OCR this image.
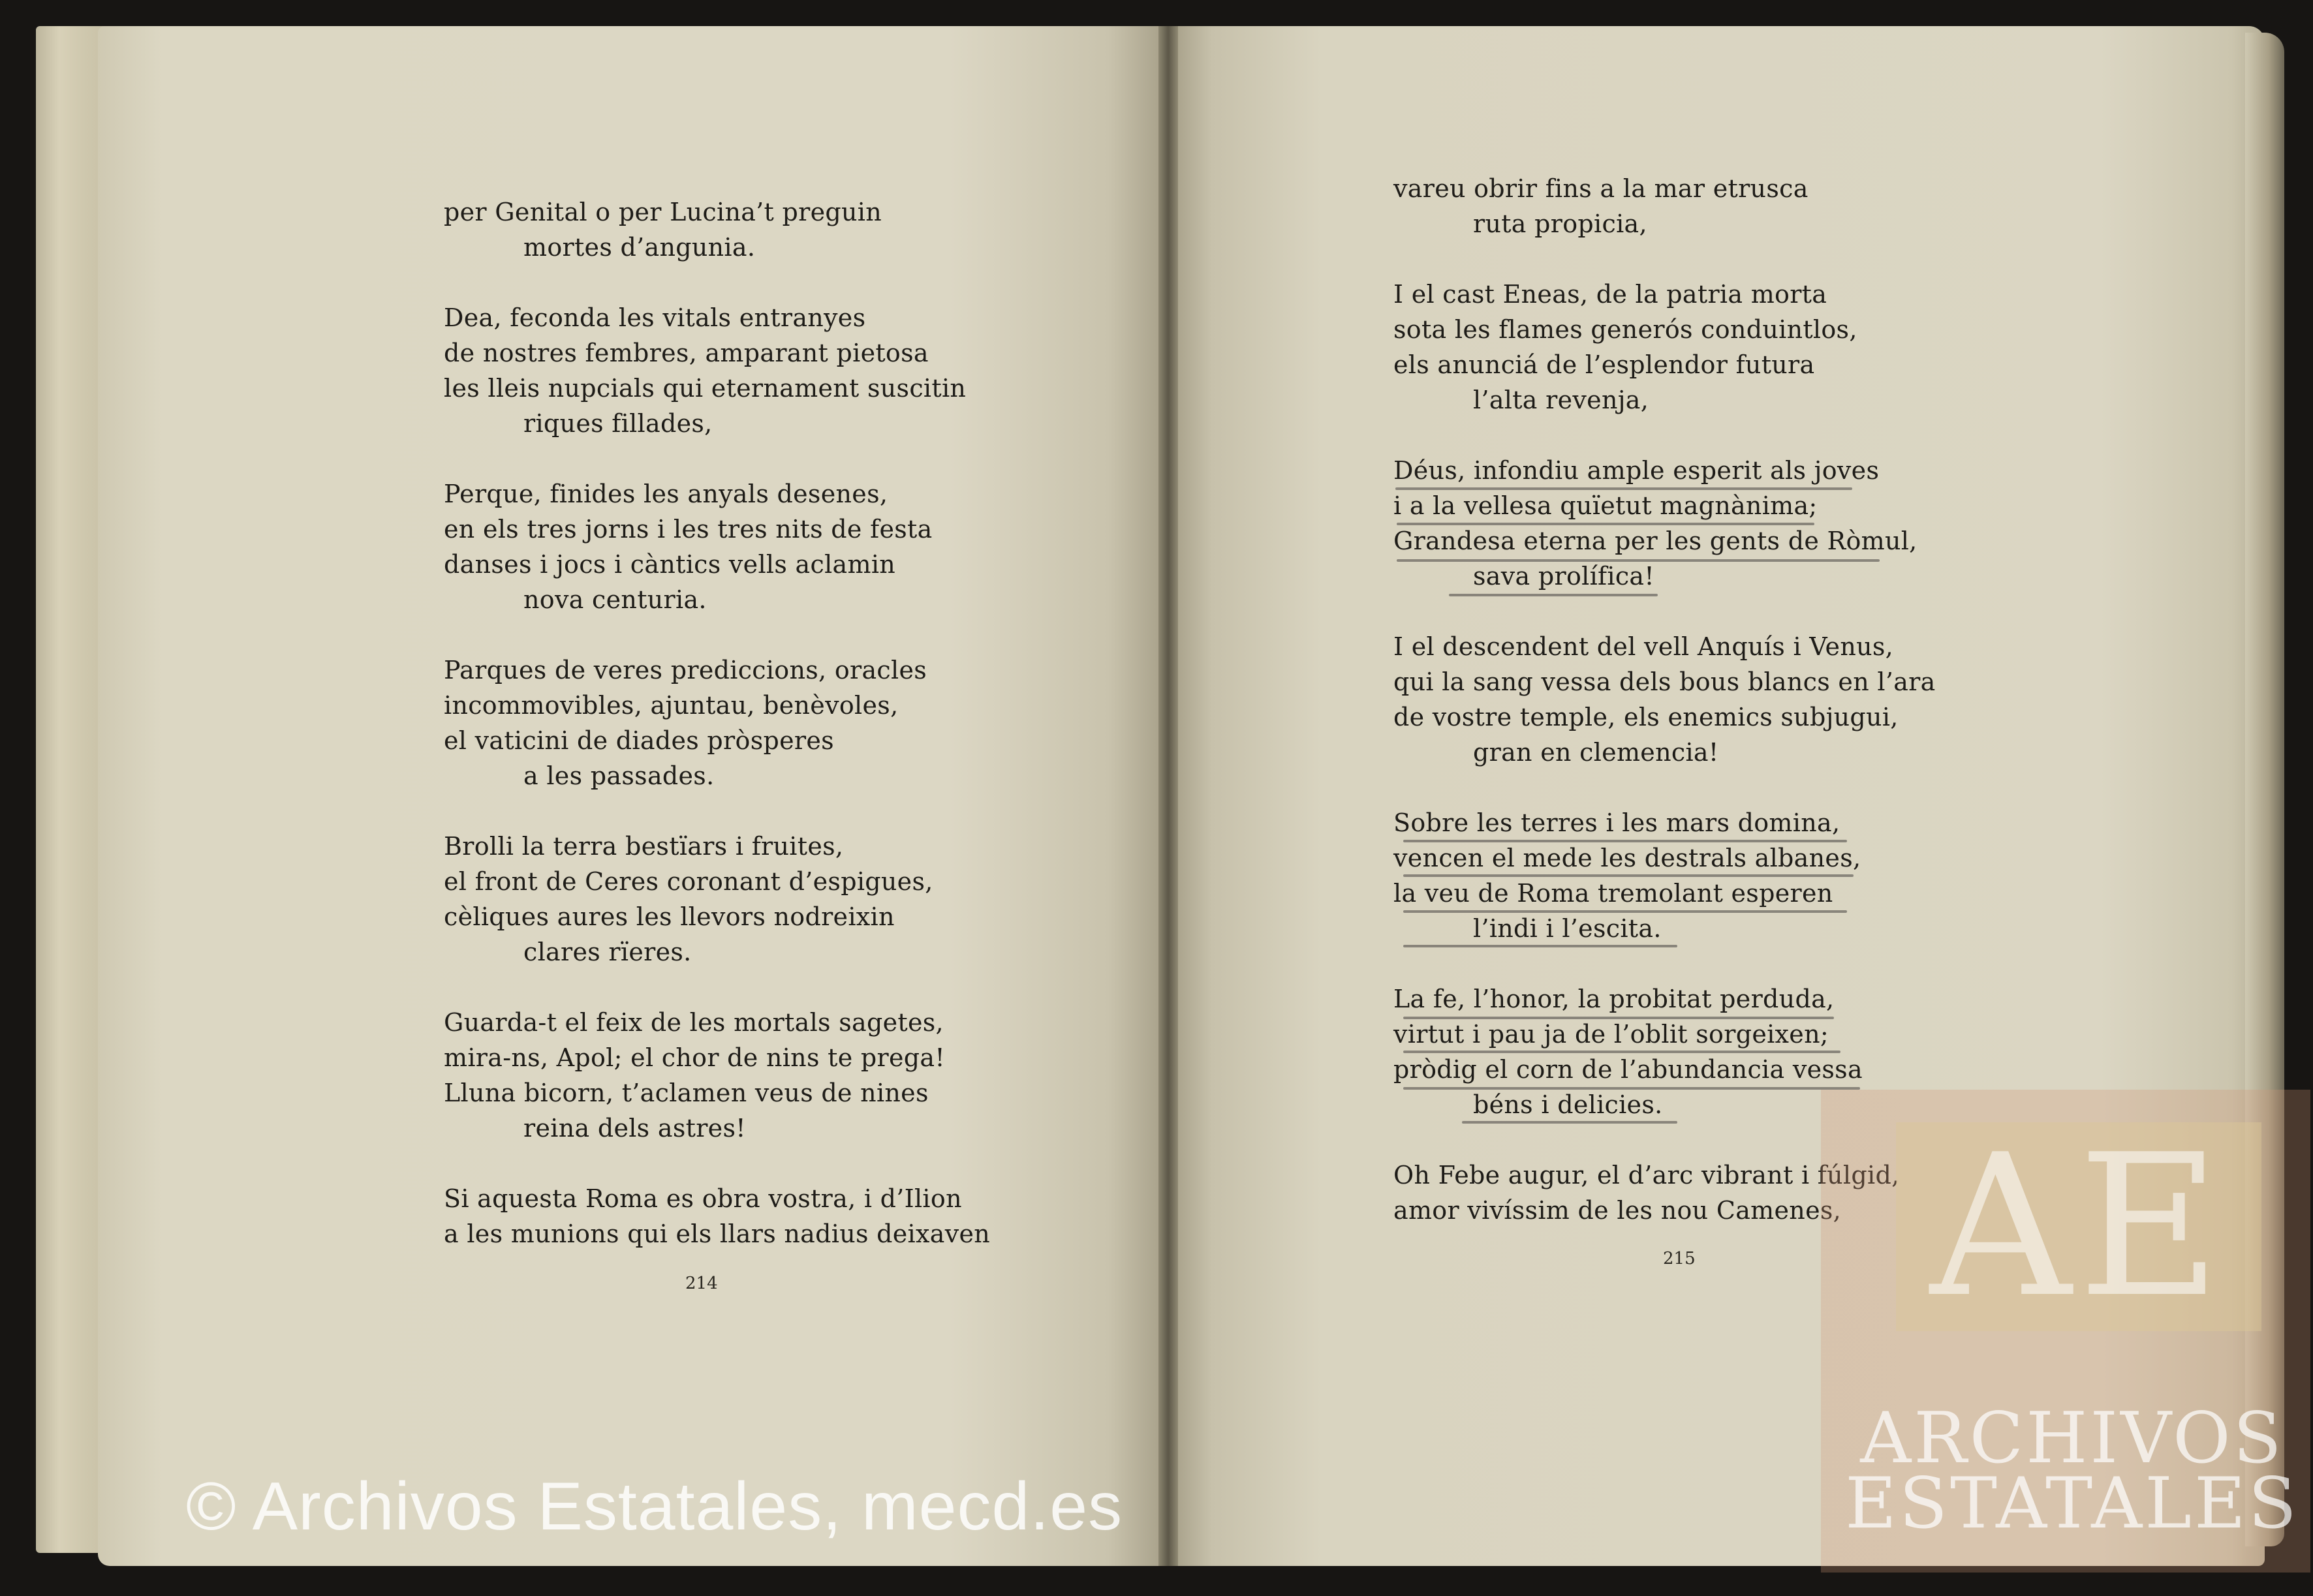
per Genital o per Lucina’t preguin
mortes d’angunia.
Dea, feconda les vitals entranyes
de nostres fembres, amparant pietosa
les lleis nupcials qui eternament suscitin
riques fillades,
Perque, finides les anyals desenes,
en els tres jorns i les tres nits de festa
danses i jocs i càntics vells aclamin
nova centuria.
Parques de veres prediccions, oracles
incommovibles, ajuntau, benèvoles,
el vaticini de diades pròsperes
a les passades.
Brolli la terra bestïars i fruites,
el front de Ceres coronant d’espigues,
cèliques aures les llevors nodreixin
clares rïeres.
Guarda-t el feix de les mortals sagetes,
mira-ns, Apol; el chor de nins te prega!
Lluna bicorn, t’aclamen veus de nines
reina dels astres!
Si aquesta Roma es obra vostra, i d’Ilion
a les munions qui els llars nadius deixaven
vareu obrir fins a la mar etrusca
ruta propicia,
I el cast Eneas, de la patria morta
sota les flames generós conduintlos,
els anunciá de l’esplendor futura
l’alta revenja,
Déus, infondiu ample esperit als joves
i a la vellesa quïetut magnànima;
Grandesa eterna per les gents de Ròmul,
sava prolífica!
I el descendent del vell Anquís i Venus,
qui la sang vessa dels bous blancs en l’ara
de vostre temple, els enemics subjugui,
gran en clemencia!
Sobre les terres i les mars domina,
vencen el mede les destrals albanes,
la veu de Roma tremolant esperen
l’indi i l’escita.
La fe, l’honor, la probitat perduda,
virtut i pau ja de l’oblit sorgeixen;
pròdig el corn de l’abundancia vessa
béns i delicies.
Oh Febe augur, el d’arc vibrant i fúlgid,
amor vivíssim de les nou Camenes,
214
215 AE
ARCHIVOS
ESTATALES
© Archivos Estatales, mecd.es
